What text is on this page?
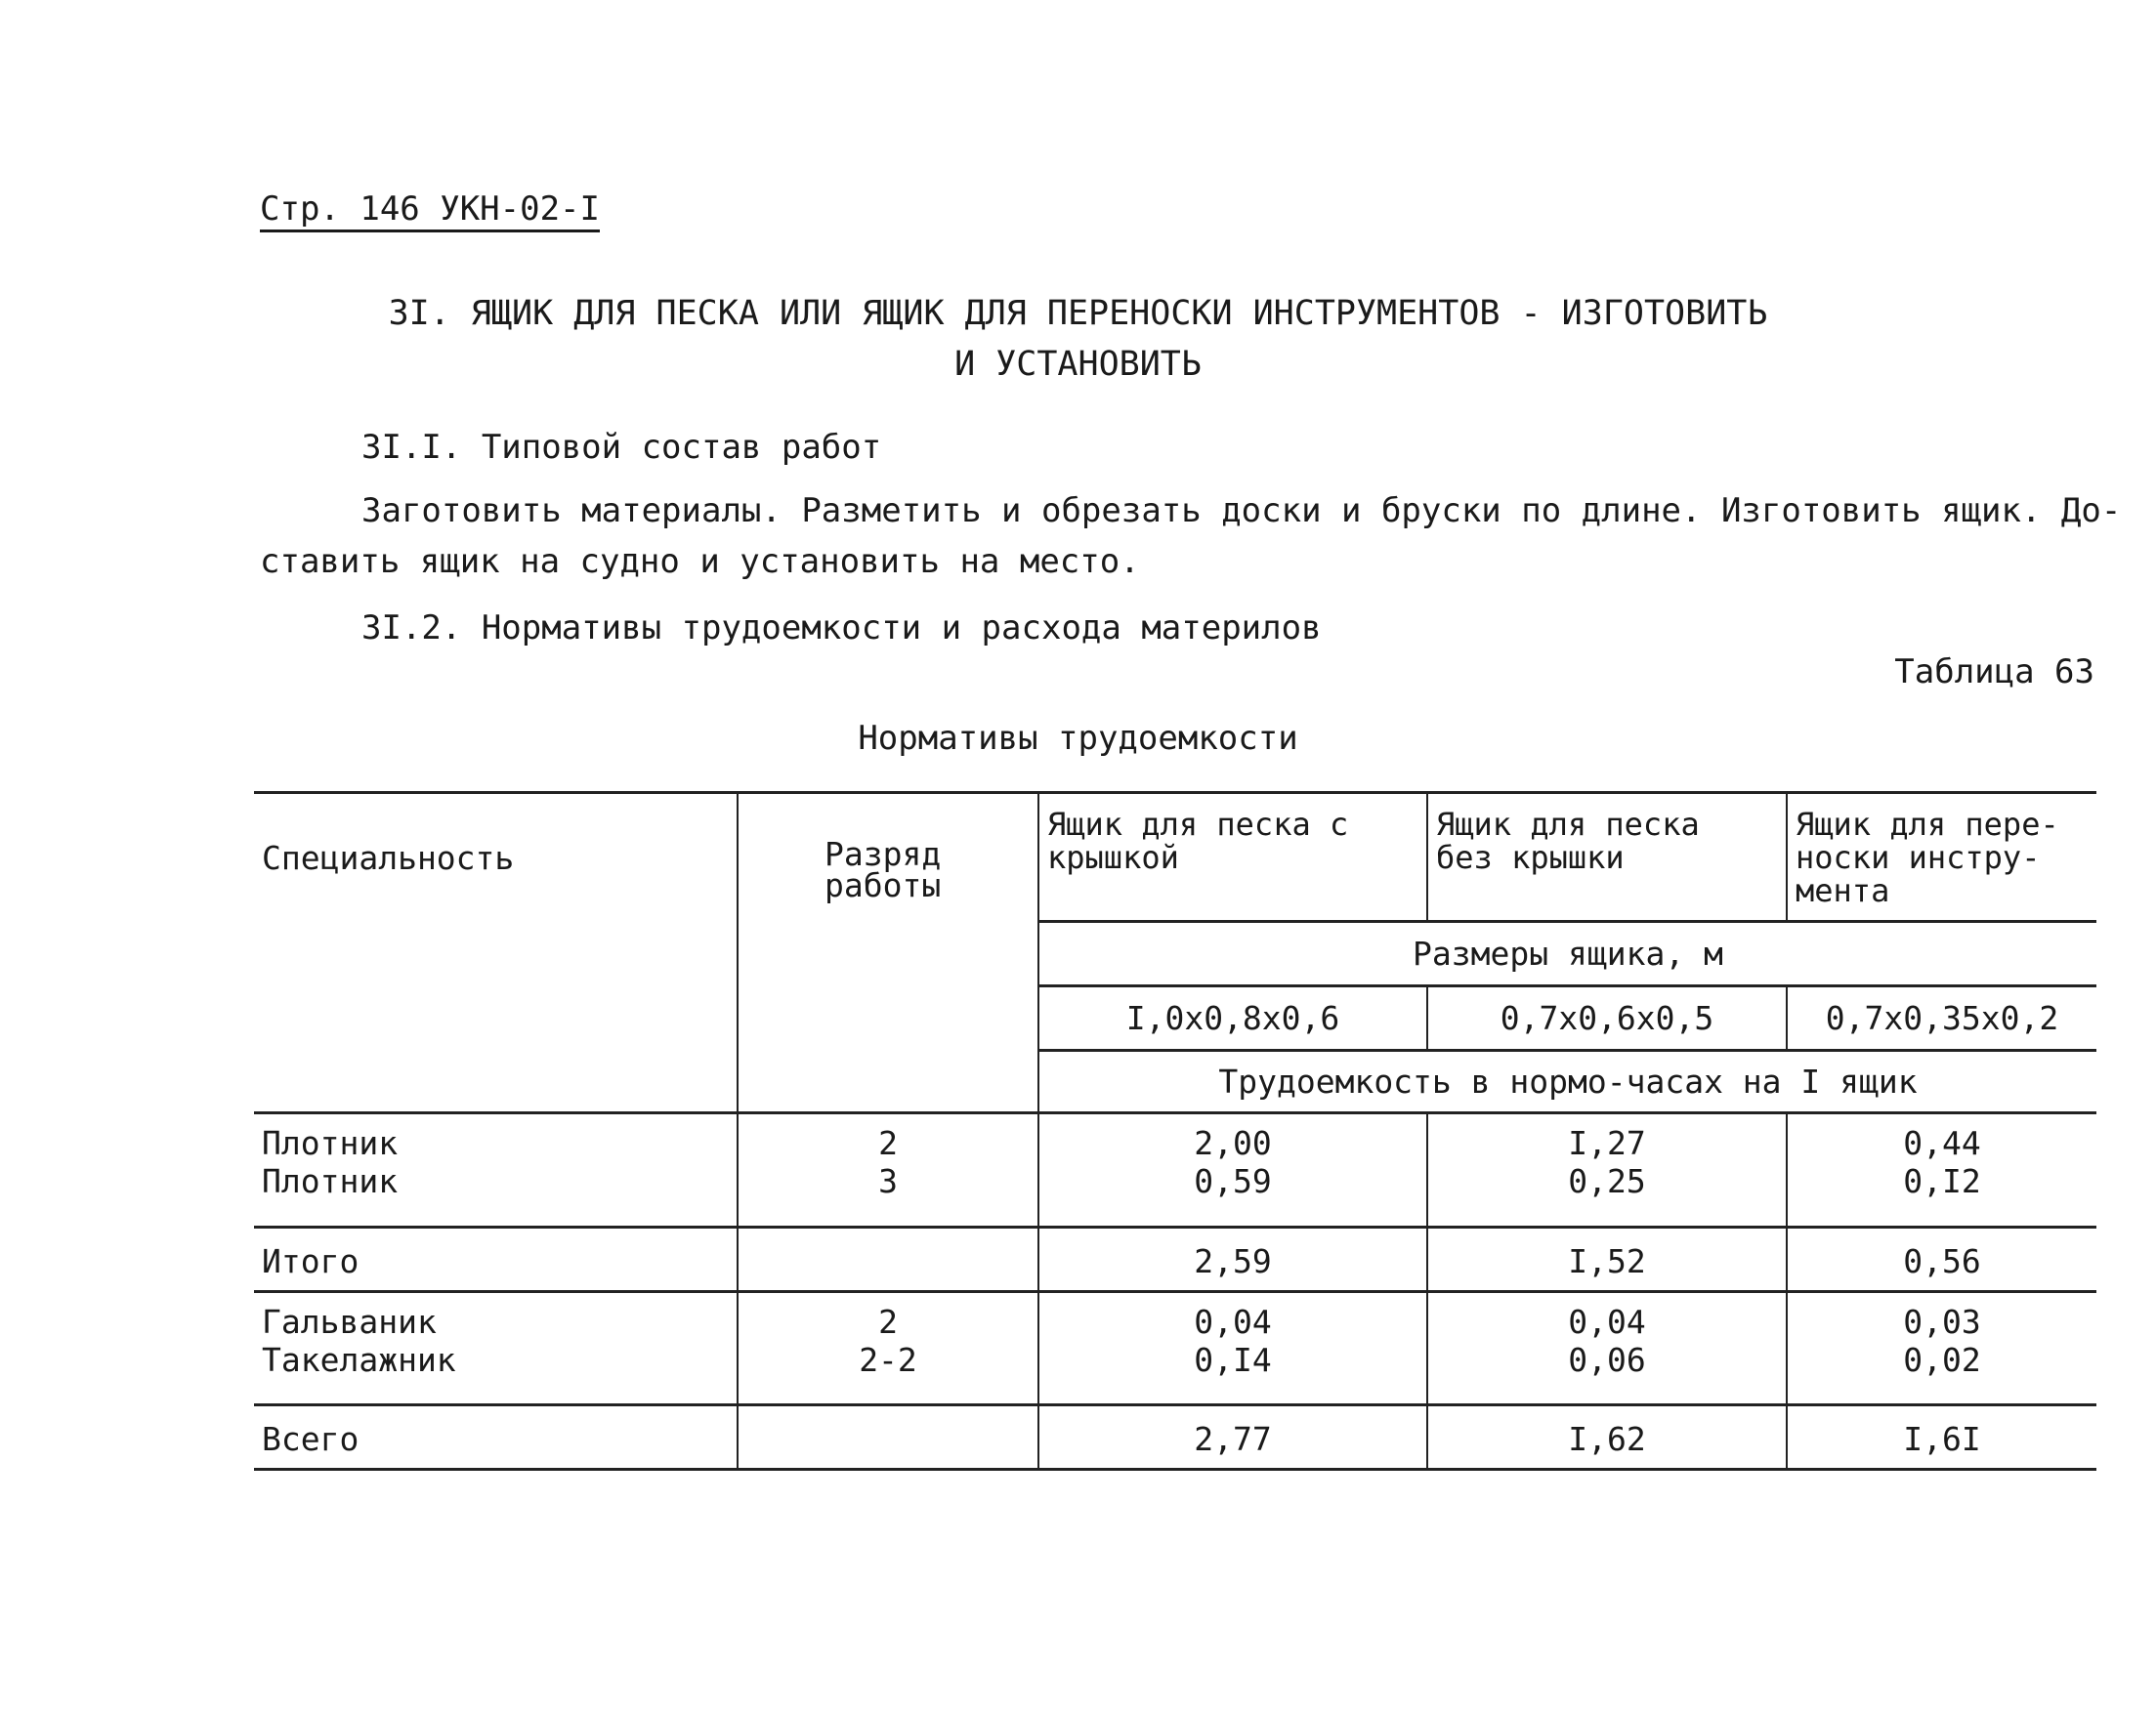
Стр. 146 УКН-02-I
3I. ЯЩИК ДЛЯ ПЕСКА ИЛИ ЯЩИК ДЛЯ ПЕРЕНОСКИ ИНСТРУМЕНТОВ - ИЗГОТОВИТЬ
И УСТАНОВИТЬ
3I.I. Типовой состав работ
Заготовить материалы. Разметить и обрезать доски и бруски по длине. Изготовить ящик. До-
ставить ящик на судно и установить на место.
3I.2. Нормативы трудоемкости и расхода материлов
Таблица 63
Нормативы трудоемкости
Специальность	Разряд работы	Ящик для песка с крышкой	Ящик для песка без крышки	Ящик для пере- носки инстру- мента
		Размеры ящика, м		
		I,0x0,8x0,6	0,7x0,6x0,5	0,7x0,35x0,2
		Трудоемкость в нормо-часах на I ящик		
Плотник	2	2,00	I,27	0,44
Плотник	3	0,59	0,25	0,I2
Итого		2,59	I,52	0,56
Гальваник	2	0,04	0,04	0,03
Такелажник	2-2	0,I4	0,06	0,02
Всего		2,77	I,62	I,6I
